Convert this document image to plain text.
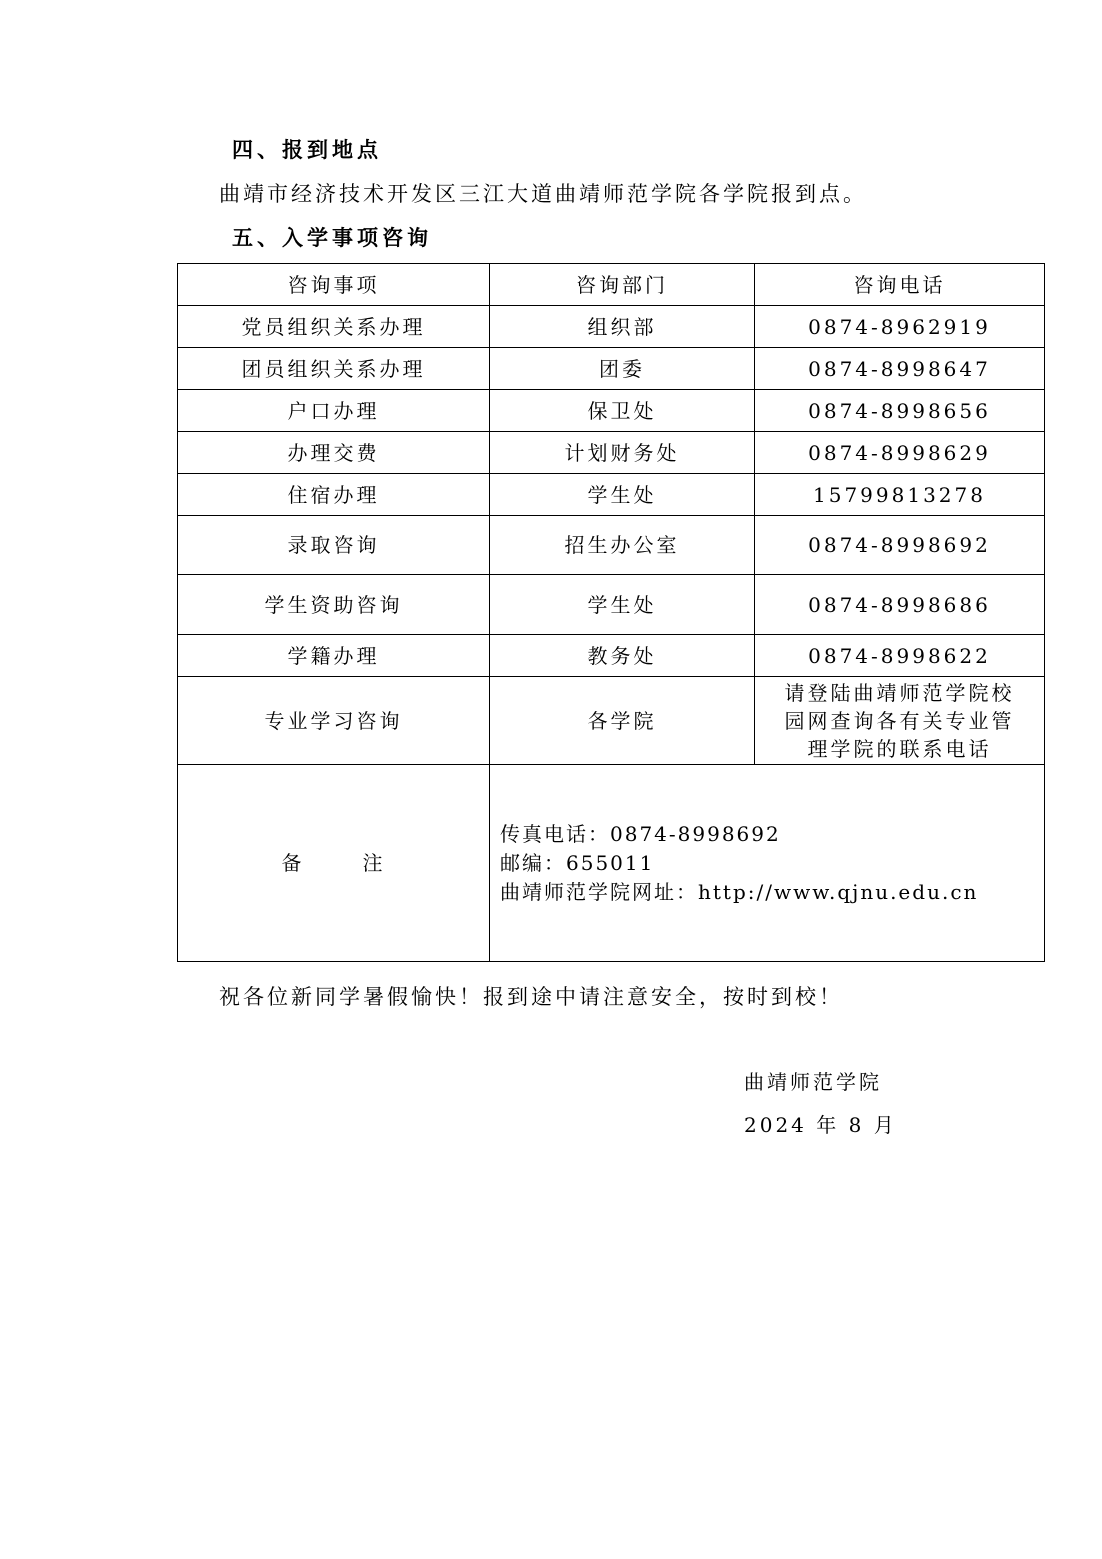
四、报到地点
曲靖市经济技术开发区三江大道曲靖师范学院各学院报到点。
五、入学事项咨询
咨询事项	咨询部门	咨询电话
党员组织关系办理	组织部	0874-8962919
团员组织关系办理	团委	0874-8998647
户口办理	保卫处	0874-8998656
办理交费	计划财务处	0874-8998629
住宿办理	学生处	15799813278
录取咨询	招生办公室	0874-8998692
学生资助咨询	学生处	0874-8998686
学籍办理	教务处	0874-8998622
专业学习咨询	各学院	请登陆曲靖师范学院校
园网查询各有关专业管
理学院的联系电话

备 注	传真电话：0874-8998692
邮编：655011
曲靖师范学院网址：http://www.qjnu.edu.cn	
祝各位新同学暑假愉快！报到途中请注意安全，按时到校！
曲靖师范学院
2024 年 8 月
